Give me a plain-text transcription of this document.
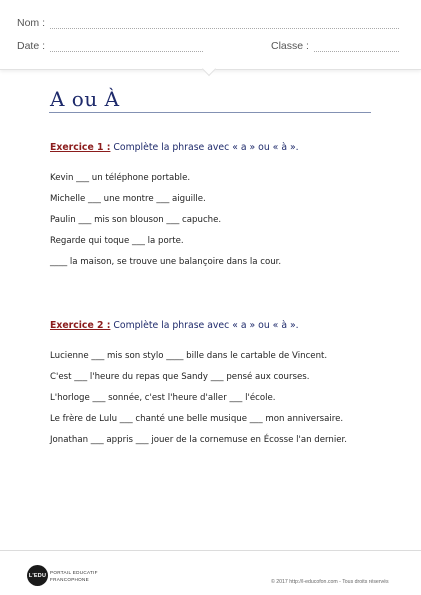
Nom :
Date :	Classe :
A ou À
Exercice 1 : Complète la phrase avec « a » ou « à ».
Kevin ___ un téléphone portable.
Michelle ___ une montre ___ aiguille.
Paulin ___ mis son blouson ___ capuche.
Regarde qui toque ___ la porte.
____ la maison, se trouve une balançoire dans la cour.
Exercice 2 : Complète la phrase avec « a » ou « à ».
Lucienne ___ mis son stylo ____ bille dans le cartable de Vincent.
C'est ___ l'heure du repas que Sandy ___ pensé aux courses.
L'horloge ___ sonnée, c'est l'heure d'aller ___ l'école.
Le frère de Lulu ___ chanté une belle musique ___ mon anniversaire.
Jonathan ___ appris ___ jouer de la cornemuse en Écosse l'an dernier.
L'EDU PORTAIL EDUCATIF
FRANCOPHONE	© 2017 http://l-educofon.com - Tous droits réservés
